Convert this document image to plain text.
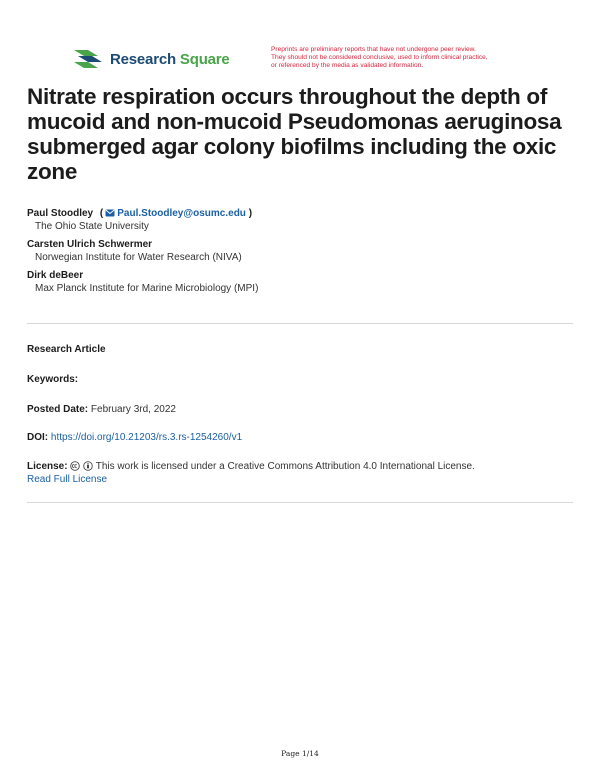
Research Square
Preprints are preliminary reports that have not undergone peer review.
They should not be considered conclusive, used to inform clinical practice,
or referenced by the media as validated information.
Nitrate respiration occurs throughout the depth of mucoid and non-mucoid Pseudomonas aeruginosa submerged agar colony biofilms including the oxic zone
Paul Stoodley ( Paul.Stoodley@osumc.edu )
The Ohio State University
Carsten Ulrich Schwermer
Norwegian Institute for Water Research (NIVA)
Dirk deBeer
Max Planck Institute for Marine Microbiology (MPI)
Research Article
Keywords:
Posted Date: February 3rd, 2022
DOI: https://doi.org/10.21203/rs.3.rs-1254260/v1
License:	This work is licensed under a Creative Commons Attribution 4.0 International License.
Read Full License
Page 1/14
